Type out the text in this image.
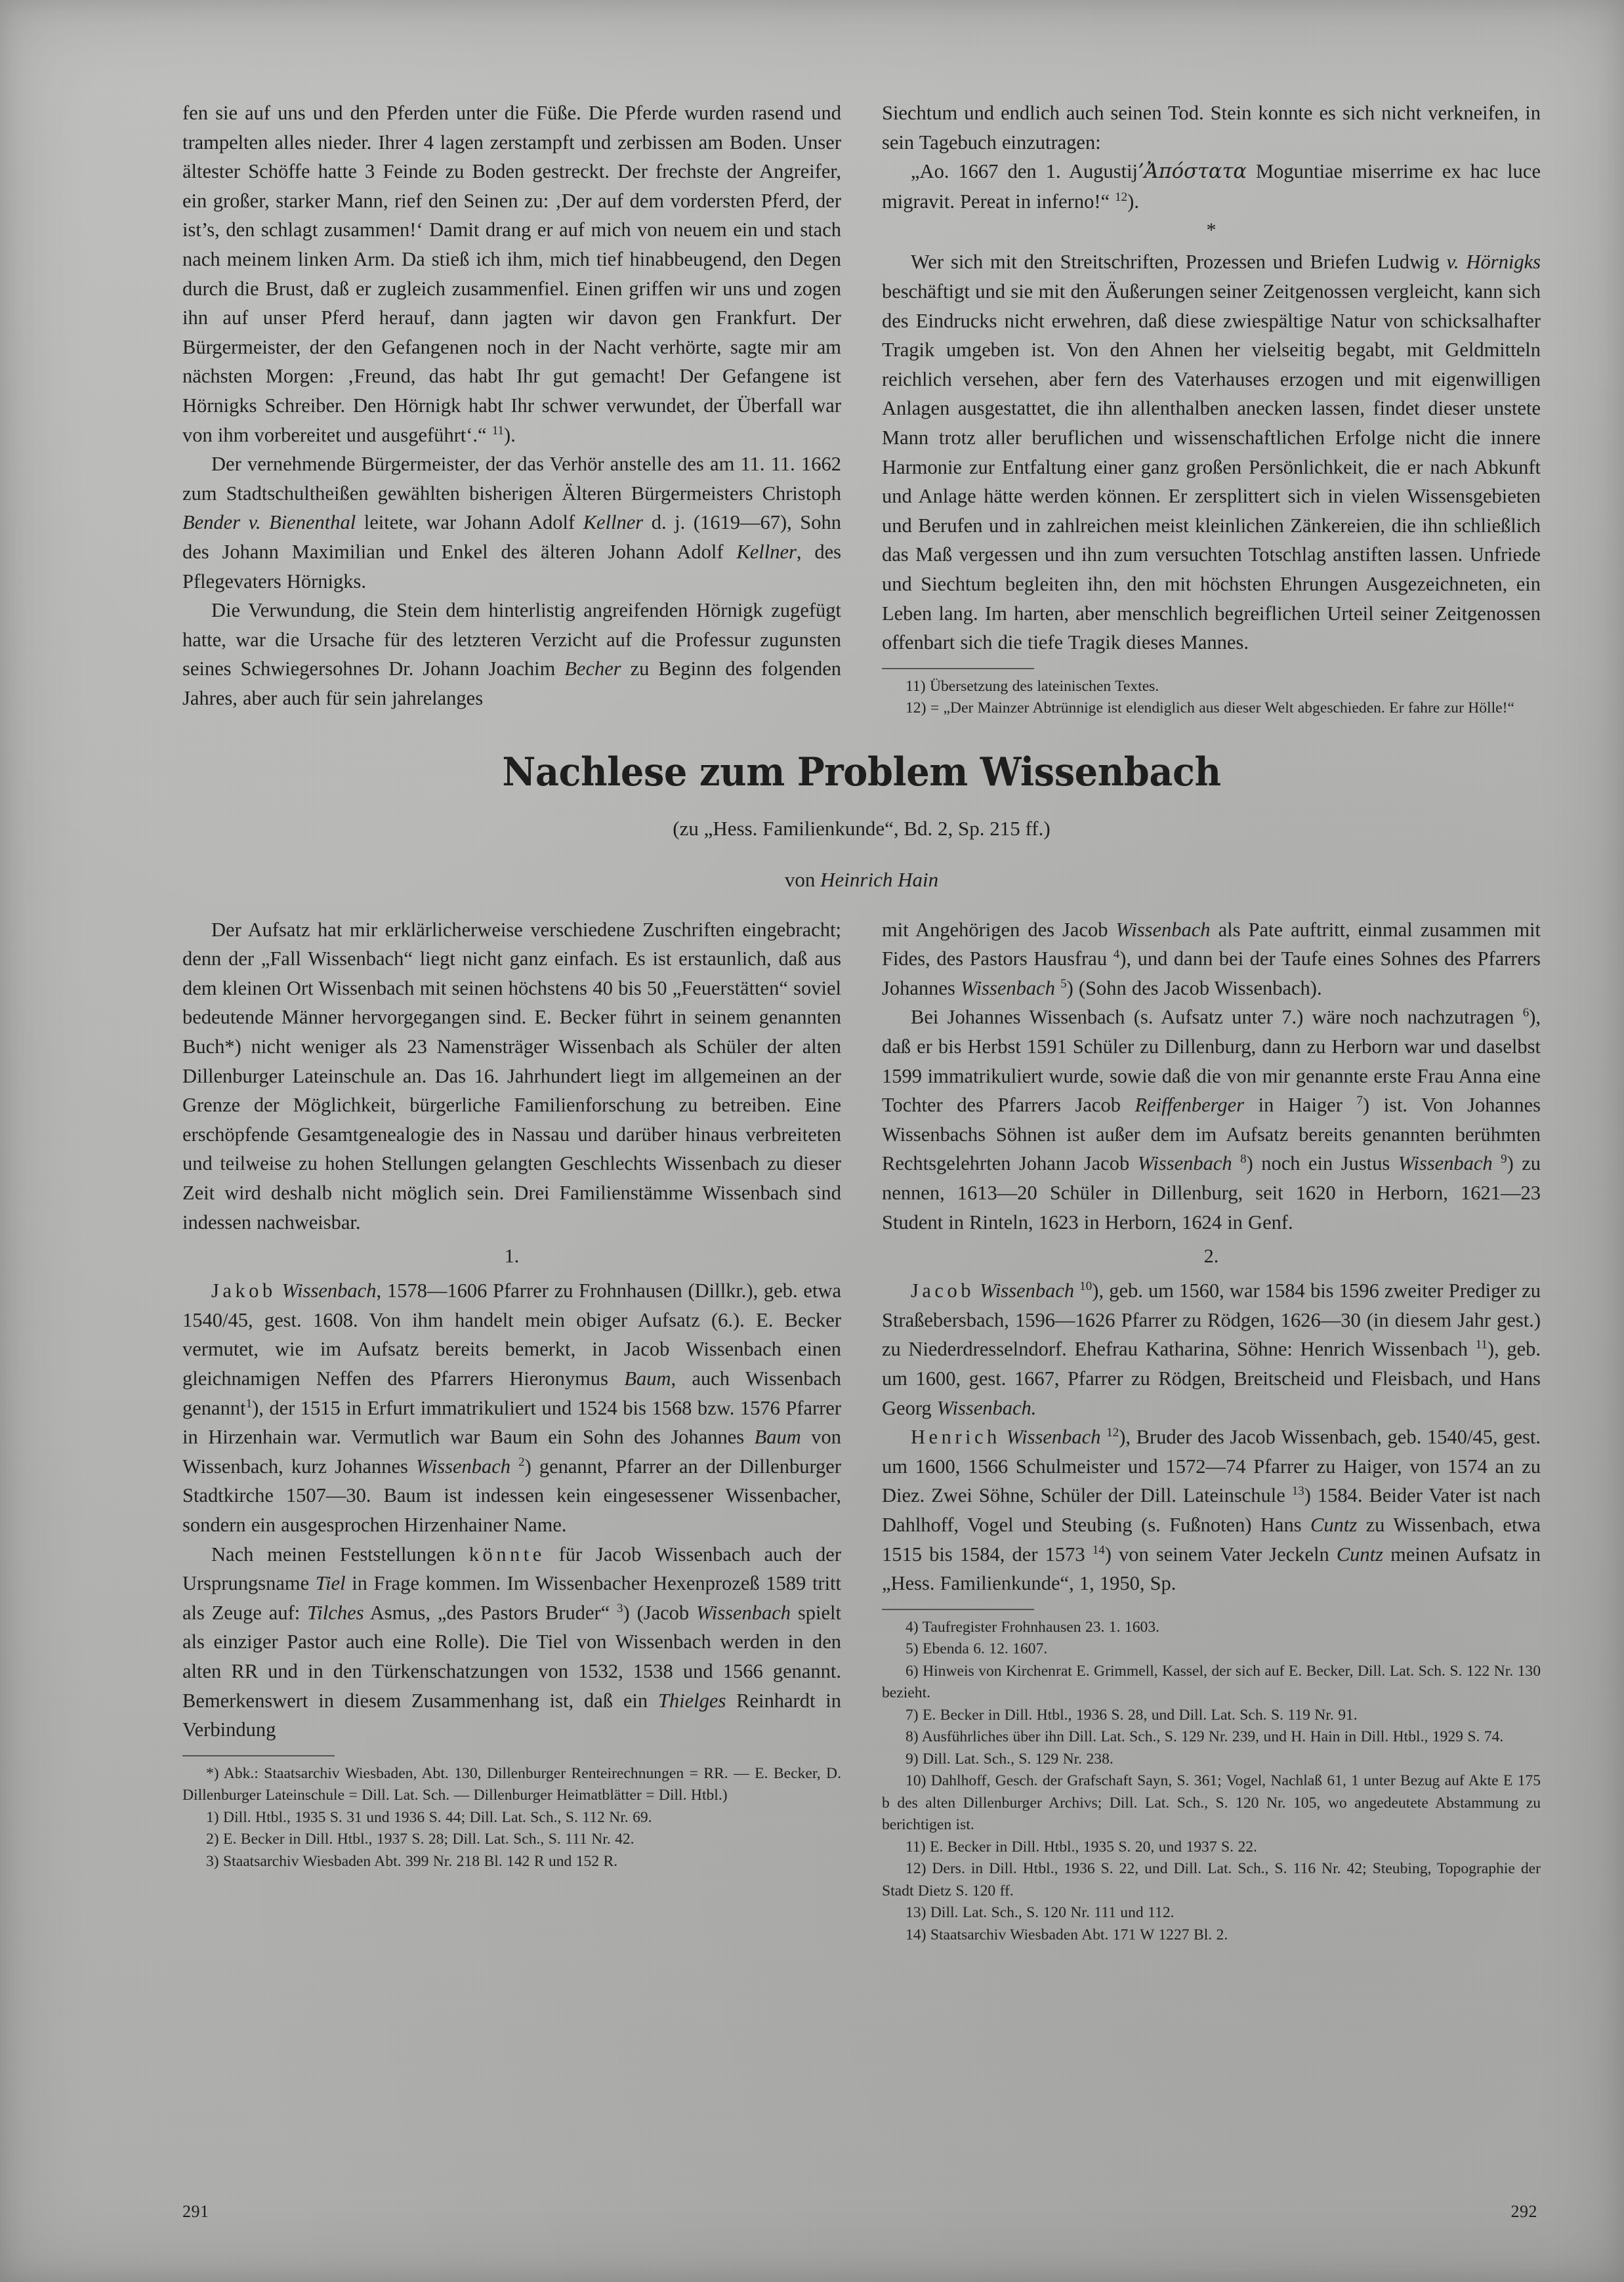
fen sie auf uns und den Pferden unter die Füße. Die Pferde wurden rasend und trampelten alles nieder. Ihrer 4 lagen zerstampft und zerbissen am Boden. Unser ältester Schöffe hatte 3 Feinde zu Boden gestreckt. Der frechste der Angreifer, ein großer, starker Mann, rief den Seinen zu: ‚Der auf dem vordersten Pferd, der ist’s, den schlagt zusammen!‘ Damit drang er auf mich von neuem ein und stach nach meinem linken Arm. Da stieß ich ihm, mich tief hinabbeugend, den Degen durch die Brust, daß er zugleich zusammenfiel. Einen griffen wir uns und zogen ihn auf unser Pferd herauf, dann jagten wir davon gen Frankfurt. Der Bürgermeister, der den Gefangenen noch in der Nacht verhörte, sagte mir am nächsten Morgen: ‚Freund, das habt Ihr gut gemacht! Der Gefangene ist Hörnigks Schreiber. Den Hörnigk habt Ihr schwer verwundet, der Überfall war von ihm vorbereitet und ausgeführt‘.“ $^{11}$).

Der vernehmende Bürgermeister, der das Verhör anstelle des am 11. 11. 1662 zum Stadtschultheißen gewählten bisherigen Älteren Bürgermeisters Christoph Bender v. Bienenthal leitete, war Johann Adolf Kellner d. j. (1619—67), Sohn des Johann Maximilian und Enkel des älteren Johann Adolf Kellner, des Pflegevaters Hörnigks.

Die Verwundung, die Stein dem hinterlistig angreifenden Hörnigk zugefügt hatte, war die Ursache für des letzteren Verzicht auf die Professur zugunsten seines Schwiegersohnes Dr. Johann Joachim Becher zu Beginn des folgenden Jahres, aber auch für sein jahrelanges

Siechtum und endlich auch seinen Tod. Stein konnte es sich nicht verkneifen, in sein Tagebuch einzutragen:

„Ao. 1667 den 1. Augustij’Ἀπόστατα Moguntiae miserrime ex hac luce migravit. Pereat in inferno!“ $^{12}$).

*

Wer sich mit den Streitschriften, Prozessen und Briefen Ludwig v. Hörnigks beschäftigt und sie mit den Äußerungen seiner Zeitgenossen vergleicht, kann sich des Eindrucks nicht erwehren, daß diese zwiespältige Natur von schicksalhafter Tragik umgeben ist. Von den Ahnen her vielseitig begabt, mit Geldmitteln reichlich versehen, aber fern des Vaterhauses erzogen und mit eigenwilligen Anlagen ausgestattet, die ihn allenthalben anecken lassen, findet dieser unstete Mann trotz aller beruflichen und wissenschaftlichen Erfolge nicht die innere Harmonie zur Entfaltung einer ganz großen Persönlichkeit, die er nach Abkunft und Anlage hätte werden können. Er zersplittert sich in vielen Wissensgebieten und Berufen und in zahlreichen meist kleinlichen Zänkereien, die ihn schließlich das Maß vergessen und ihn zum versuchten Totschlag anstiften lassen. Unfriede und Siechtum begleiten ihn, den mit höchsten Ehrungen Ausgezeichneten, ein Leben lang. Im harten, aber menschlich begreiflichen Urteil seiner Zeitgenossen offenbart sich die tiefe Tragik dieses Mannes.

11) Übersetzung des lateinischen Textes.

12) = „Der Mainzer Abtrünnige ist elendiglich aus dieser Welt abgeschieden. Er fahre zur Hölle!“

Nachlese zum Problem Wissenbach
(zu „Hess. Familienkunde“, Bd. 2, Sp. 215 ff.)
von Heinrich Hain

Der Aufsatz hat mir erklärlicherweise verschiedene Zuschriften eingebracht; denn der „Fall Wissenbach“ liegt nicht ganz einfach. Es ist erstaunlich, daß aus dem kleinen Ort Wissenbach mit seinen höchstens 40 bis 50 „Feuerstätten“ soviel bedeutende Männer hervorgegangen sind. E. Becker führt in seinem genannten Buch*) nicht weniger als 23 Namensträger Wissenbach als Schüler der alten Dillenburger Lateinschule an. Das 16. Jahrhundert liegt im allgemeinen an der Grenze der Möglichkeit, bürgerliche Familienforschung zu betreiben. Eine erschöpfende Gesamtgenealogie des in Nassau und darüber hinaus verbreiteten und teilweise zu hohen Stellungen gelangten Geschlechts Wissenbach zu dieser Zeit wird deshalb nicht möglich sein. Drei Familienstämme Wissenbach sind indessen nachweisbar.

1.

Jakob Wissenbach, 1578—1606 Pfarrer zu Frohnhausen (Dillkr.), geb. etwa 1540/45, gest. 1608. Von ihm handelt mein obiger Aufsatz (6.). E. Becker vermutet, wie im Aufsatz bereits bemerkt, in Jacob Wissenbach einen gleichnamigen Neffen des Pfarrers Hieronymus Baum, auch Wissenbach genannt$^1$), der 1515 in Erfurt immatrikuliert und 1524 bis 1568 bzw. 1576 Pfarrer in Hirzenhain war. Vermutlich war Baum ein Sohn des Johannes Baum von Wissenbach, kurz Johannes Wissenbach $^2$) genannt, Pfarrer an der Dillenburger Stadtkirche 1507—30. Baum ist indessen kein eingesessener Wissenbacher, sondern ein ausgesprochen Hirzenhainer Name.

Nach meinen Feststellungen könnte für Jacob Wissenbach auch der Ursprungsname Tiel in Frage kommen. Im Wissenbacher Hexenprozeß 1589 tritt als Zeuge auf: Tilches Asmus, „des Pastors Bruder“ $^3$) (Jacob Wissenbach spielt als einziger Pastor auch eine Rolle). Die Tiel von Wissenbach werden in den alten RR und in den Türkenschatzungen von 1532, 1538 und 1566 genannt. Bemerkenswert in diesem Zusammenhang ist, daß ein Thielges Reinhardt in Verbindung

*) Abk.: Staatsarchiv Wiesbaden, Abt. 130, Dillenburger Renteirechnungen = RR. — E. Becker, D. Dillenburger Lateinschule = Dill. Lat. Sch. — Dillenburger Heimatblätter = Dill. Htbl.)

1) Dill. Htbl., 1935 S. 31 und 1936 S. 44; Dill. Lat. Sch., S. 112 Nr. 69.

2) E. Becker in Dill. Htbl., 1937 S. 28; Dill. Lat. Sch., S. 111 Nr. 42.

3) Staatsarchiv Wiesbaden Abt. 399 Nr. 218 Bl. 142 R und 152 R.

mit Angehörigen des Jacob Wissenbach als Pate auftritt, einmal zusammen mit Fides, des Pastors Hausfrau $^4$), und dann bei der Taufe eines Sohnes des Pfarrers Johannes Wissenbach $^5$) (Sohn des Jacob Wissenbach).

Bei Johannes Wissenbach (s. Aufsatz unter 7.) wäre noch nachzutragen $^6$), daß er bis Herbst 1591 Schüler zu Dillenburg, dann zu Herborn war und daselbst 1599 immatrikuliert wurde, sowie daß die von mir genannte erste Frau Anna eine Tochter des Pfarrers Jacob Reiffenberger in Haiger $^7$) ist. Von Johannes Wissenbachs Söhnen ist außer dem im Aufsatz bereits genannten berühmten Rechtsgelehrten Johann Jacob Wissenbach $^8$) noch ein Justus Wissenbach $^9$) zu nennen, 1613—20 Schüler in Dillenburg, seit 1620 in Herborn, 1621—23 Student in Rinteln, 1623 in Herborn, 1624 in Genf.

2.

Jacob Wissenbach $^{10}$), geb. um 1560, war 1584 bis 1596 zweiter Prediger zu Straßebersbach, 1596—1626 Pfarrer zu Rödgen, 1626—30 (in diesem Jahr gest.) zu Niederdresselndorf. Ehefrau Katharina, Söhne: Henrich Wissenbach $^{11}$), geb. um 1600, gest. 1667, Pfarrer zu Rödgen, Breitscheid und Fleisbach, und Hans Georg Wissenbach.

Henrich Wissenbach $^{12}$), Bruder des Jacob Wissenbach, geb. 1540/45, gest. um 1600, 1566 Schulmeister und 1572—74 Pfarrer zu Haiger, von 1574 an zu Diez. Zwei Söhne, Schüler der Dill. Lateinschule $^{13}$) 1584. Beider Vater ist nach Dahlhoff, Vogel und Steubing (s. Fußnoten) Hans Cuntz zu Wissenbach, etwa 1515 bis 1584, der 1573 $^{14}$) von seinem Vater Jeckeln Cuntz meinen Aufsatz in „Hess. Familienkunde“, 1, 1950, Sp.

4) Taufregister Frohnhausen 23. 1. 1603.

5) Ebenda 6. 12. 1607.

6) Hinweis von Kirchenrat E. Grimmell, Kassel, der sich auf E. Becker, Dill. Lat. Sch. S. 122 Nr. 130 bezieht.

7) E. Becker in Dill. Htbl., 1936 S. 28, und Dill. Lat. Sch. S. 119 Nr. 91.

8) Ausführliches über ihn Dill. Lat. Sch., S. 129 Nr. 239, und H. Hain in Dill. Htbl., 1929 S. 74.

9) Dill. Lat. Sch., S. 129 Nr. 238.

10) Dahlhoff, Gesch. der Grafschaft Sayn, S. 361; Vogel, Nachlaß 61, 1 unter Bezug auf Akte E 175 b des alten Dillenburger Archivs; Dill. Lat. Sch., S. 120 Nr. 105, wo angedeutete Abstammung zu berichtigen ist.

11) E. Becker in Dill. Htbl., 1935 S. 20, und 1937 S. 22.

12) Ders. in Dill. Htbl., 1936 S. 22, und Dill. Lat. Sch., S. 116 Nr. 42; Steubing, Topographie der Stadt Dietz S. 120 ff.

13) Dill. Lat. Sch., S. 120 Nr. 111 und 112.

14) Staatsarchiv Wiesbaden Abt. 171 W 1227 Bl. 2.

291	292
